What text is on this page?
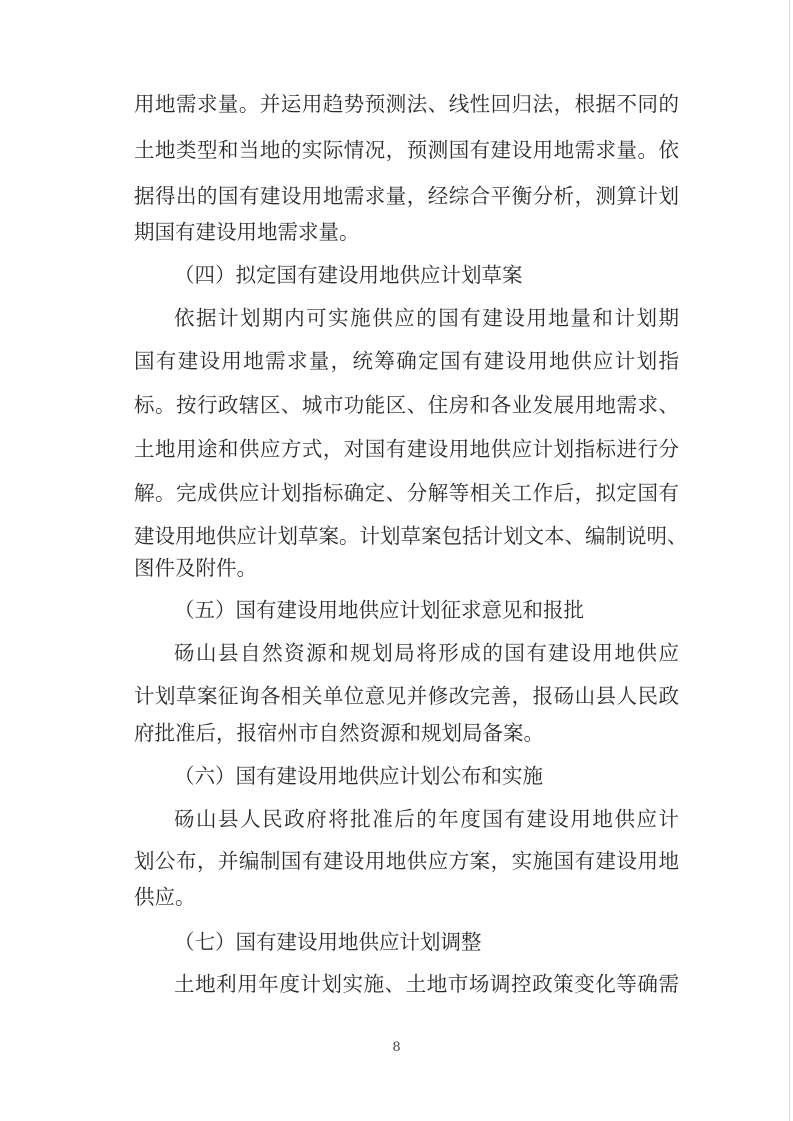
用地需求量。并运用趋势预测法、线性回归法，根据不同的
土地类型和当地的实际情况，预测国有建设用地需求量。依
据得出的国有建设用地需求量，经综合平衡分析，测算计划
期国有建设用地需求量。
（四）拟定国有建设用地供应计划草案
依据计划期内可实施供应的国有建设用地量和计划期
国有建设用地需求量，统筹确定国有建设用地供应计划指
标。按行政辖区、城市功能区、住房和各业发展用地需求、
土地用途和供应方式，对国有建设用地供应计划指标进行分
解。完成供应计划指标确定、分解等相关工作后，拟定国有
建设用地供应计划草案。计划草案包括计划文本、编制说明、
图件及附件。
（五）国有建设用地供应计划征求意见和报批
砀山县自然资源和规划局将形成的国有建设用地供应
计划草案征询各相关单位意见并修改完善，报砀山县人民政
府批准后，报宿州市自然资源和规划局备案。
（六）国有建设用地供应计划公布和实施
砀山县人民政府将批准后的年度国有建设用地供应计
划公布，并编制国有建设用地供应方案，实施国有建设用地
供应。
（七）国有建设用地供应计划调整
土地利用年度计划实施、土地市场调控政策变化等确需
8
